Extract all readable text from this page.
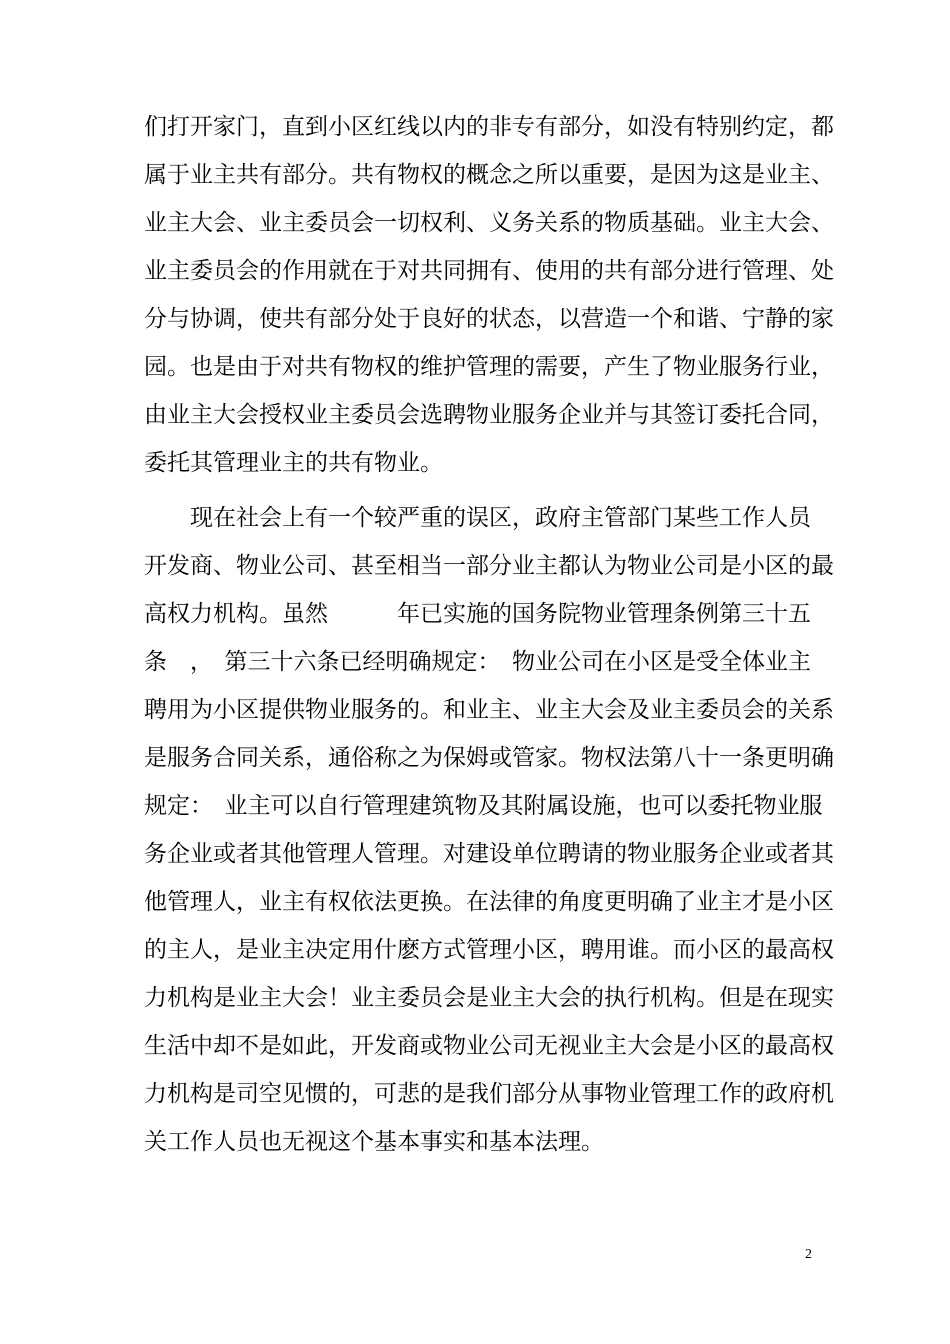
们打开家门，直到小区红线以内的非专有部分，如没有特别约定，都
属于业主共有部分。共有物权的概念之所以重要，是因为这是业主、
业主大会、业主委员会一切权利、义务关系的物质基础。业主大会、
业主委员会的作用就在于对共同拥有、使用的共有部分进行管理、处
分与协调，使共有部分处于良好的状态，以营造一个和谐、宁静的家
园。也是由于对共有物权的维护管理的需要，产生了物业服务行业，
由业主大会授权业主委员会选聘物业服务企业并与其签订委托合同，
委托其管理业主的共有物业。
　　现在社会上有一个较严重的误区，政府主管部门某些工作人员
开发商、物业公司、甚至相当一部分业主都认为物业公司是小区的最
高权力机构。虽然　　　年已实施的国务院物业管理条例第三十五
条　，　第三十六条已经明确规定：　物业公司在小区是受全体业主
聘用为小区提供物业服务的。和业主、业主大会及业主委员会的关系
是服务合同关系，通俗称之为保姆或管家。物权法第八十一条更明确
规定：　业主可以自行管理建筑物及其附属设施，也可以委托物业服
务企业或者其他管理人管理。对建设单位聘请的物业服务企业或者其
他管理人，业主有权依法更换。在法律的角度更明确了业主才是小区
的主人，是业主决定用什麽方式管理小区，聘用谁。而小区的最高权
力机构是业主大会！业主委员会是业主大会的执行机构。但是在现实
生活中却不是如此，开发商或物业公司无视业主大会是小区的最高权
力机构是司空见惯的，可悲的是我们部分从事物业管理工作的政府机
关工作人员也无视这个基本事实和基本法理。
2
